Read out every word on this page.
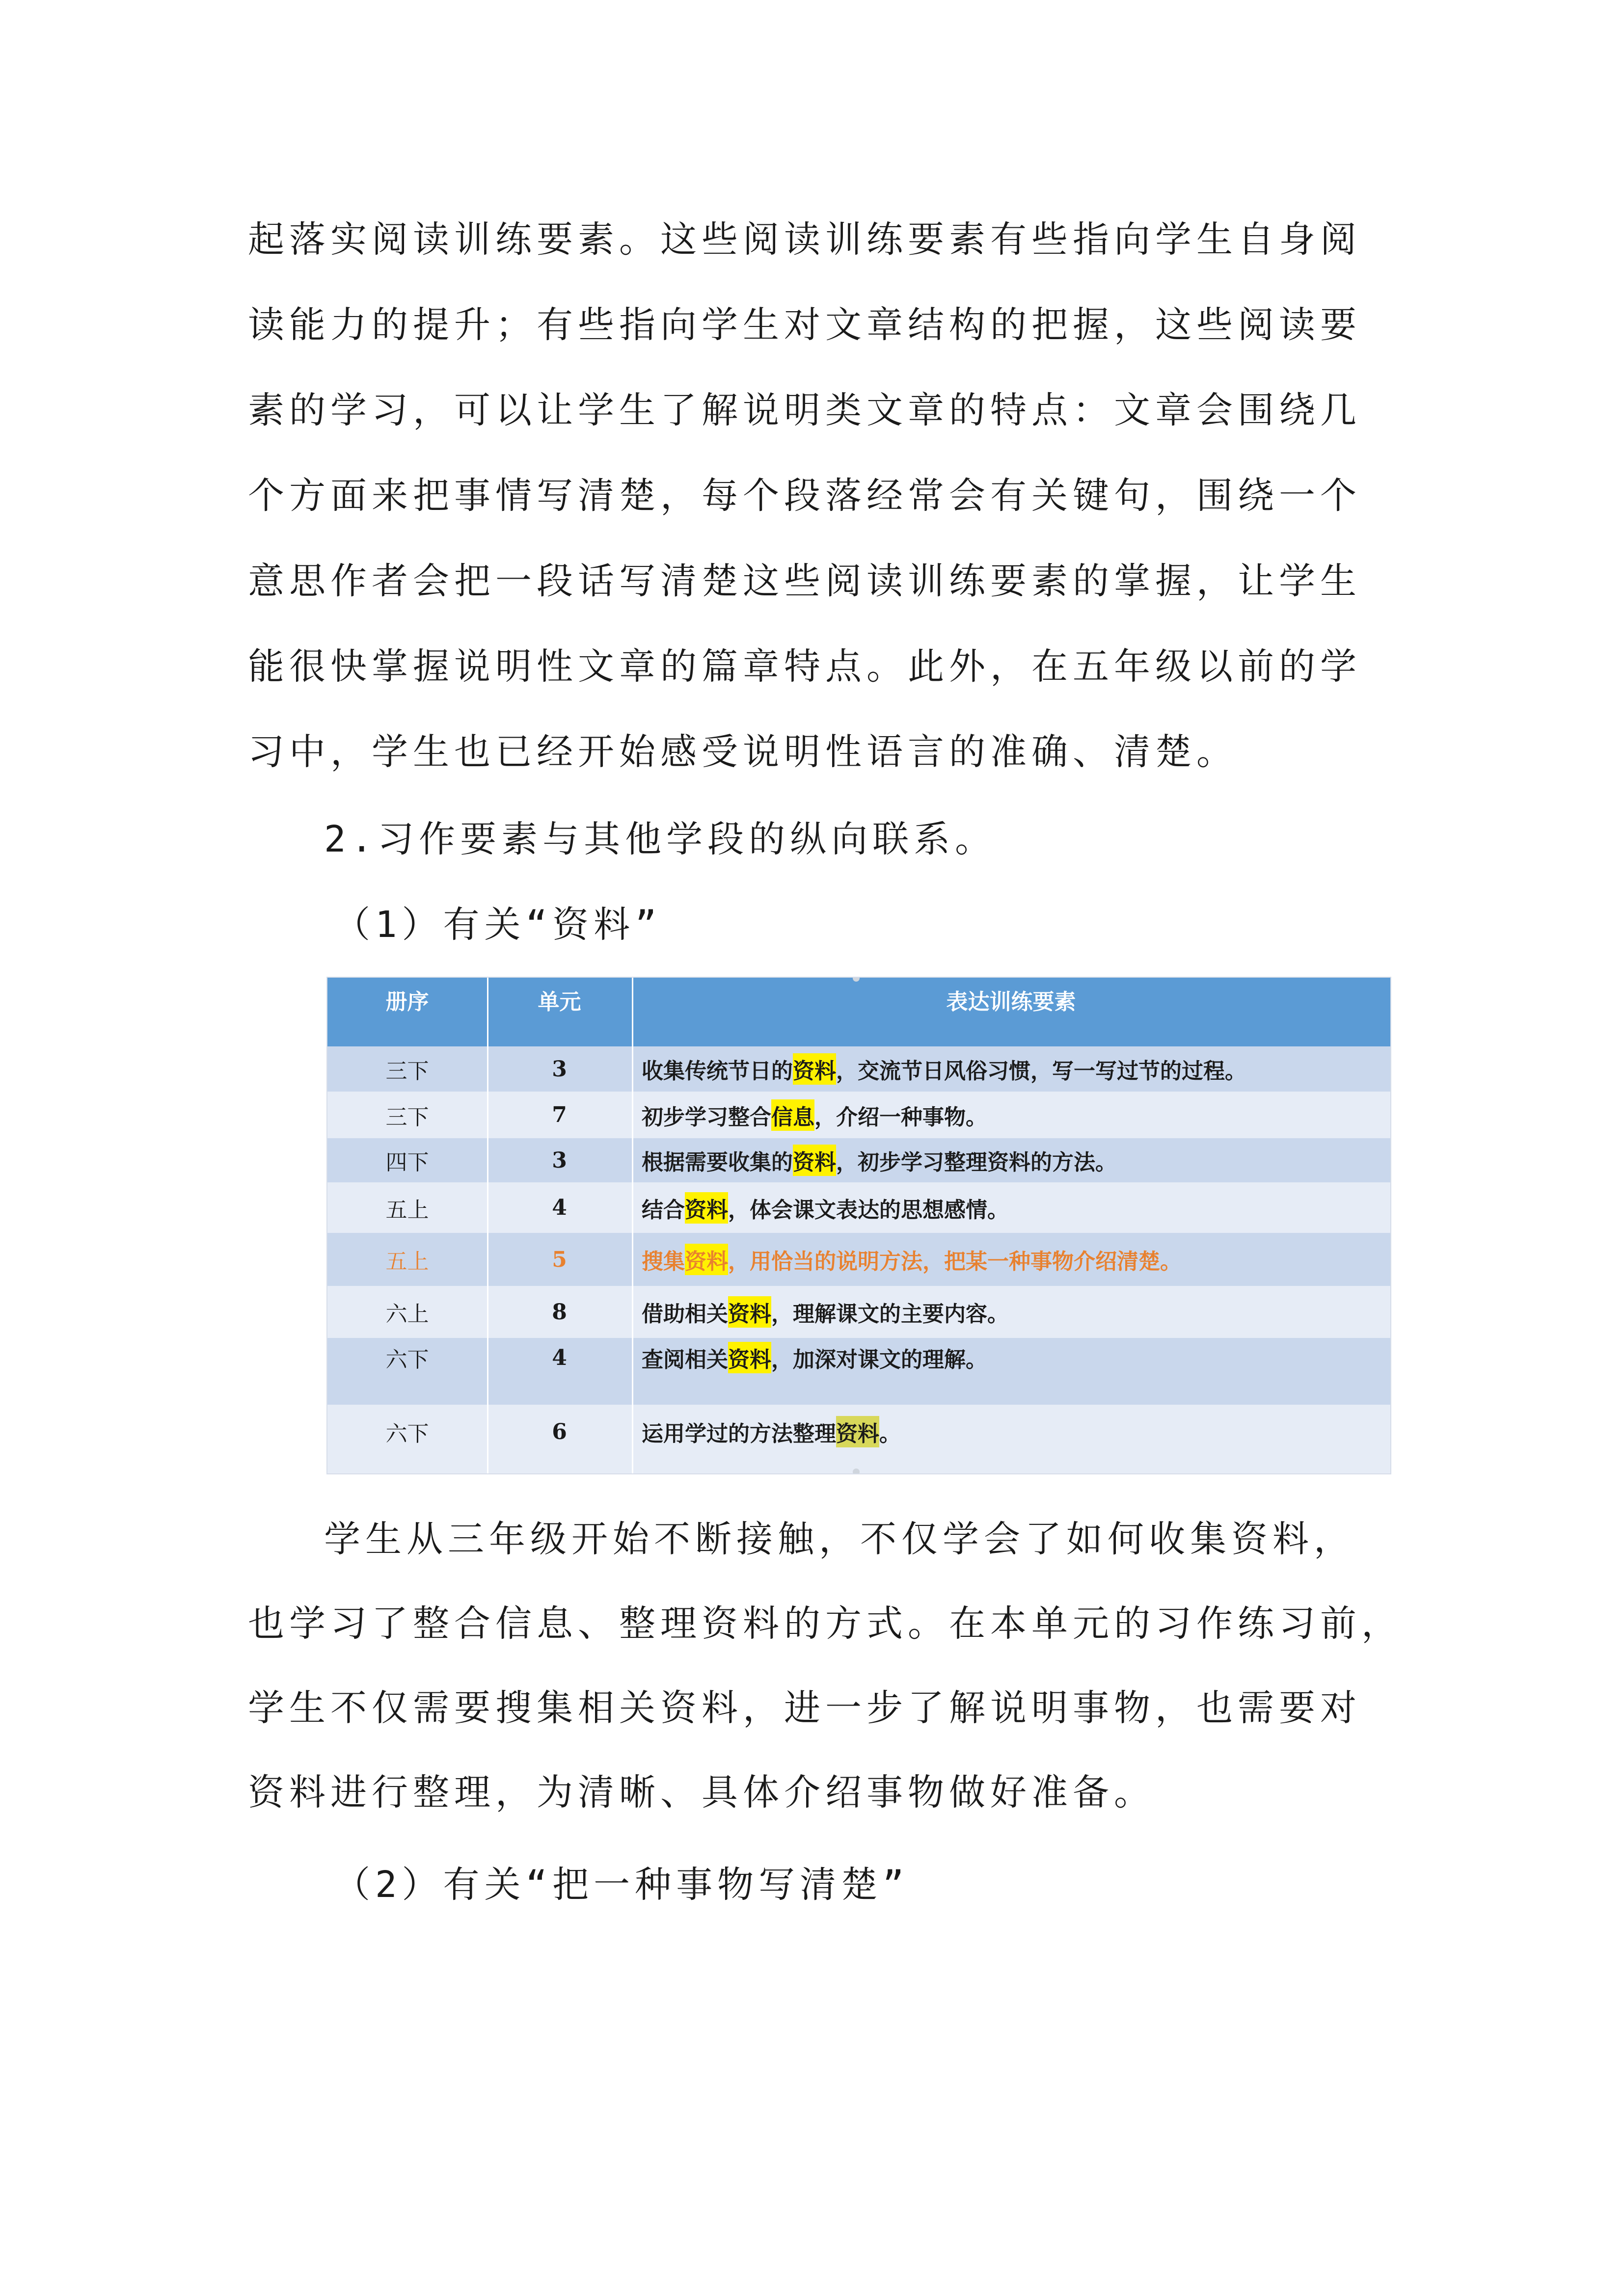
起落实阅读训练要素。这些阅读训练要素有些指向学生自身阅

读能力的提升；有些指向学生对文章结构的把握，这些阅读要

素的学习，可以让学生了解说明类文章的特点：文章会围绕几

个方面来把事情写清楚，每个段落经常会有关键句，围绕一个

意思作者会把一段话写清楚这些阅读训练要素的掌握，让学生

能很快掌握说明性文章的篇章特点。此外，在五年级以前的学

习中，学生也已经开始感受说明性语言的准确、清楚。

2.习作要素与其他学段的纵向联系。

（1）有关“资料”

册序	单元	表达训练要素
三下	3	收集传统节日的 资料 ，交流节日风俗习惯，写一写过节的过程。
三下	7	初步学习整合 信息 ，介绍一种事物。
四下	3	根据需要收集的 资料 ，初步学习整理资料的方法。
五上	4	结合 资料 ，体会课文表达的思想感情。
五上	5	搜集 资料 ，用恰当的说明方法，把某一种事物介绍清楚。
六上	8	借助相关 资料 ，理解课文的主要内容。
六下	4	查阅相关 资料 ，加深对课文的理解。
六下	6	运用学过的方法整理 资料 。

学生从三年级开始不断接触，不仅学会了如何收集资料，

也学习了整合信息、整理资料的方式。在本单元的习作练习前，

学生不仅需要搜集相关资料，进一步了解说明事物，也需要对

资料进行整理，为清晰、具体介绍事物做好准备。

（2）有关“把一种事物写清楚”
